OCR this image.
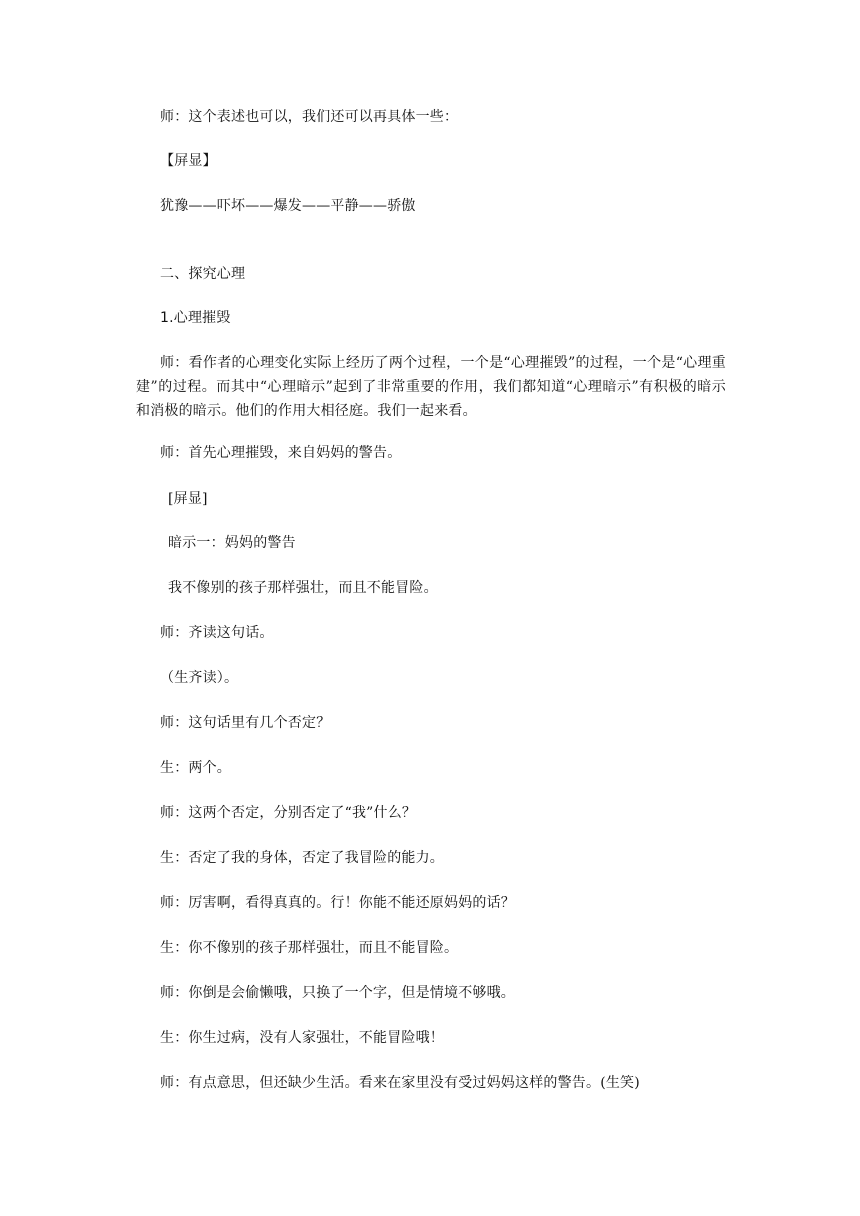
师：这个表述也可以，我们还可以再具体一些：
【屏显】
犹豫——吓坏——爆发——平静——骄傲
二、探究心理
1.心理摧毁
师：看作者的心理变化实际上经历了两个过程，一个是“心理摧毁”的过程，一个是“心理重建”的过程。而其中“心理暗示”起到了非常重要的作用，我们都知道“心理暗示”有积极的暗示和消极的暗示。他们的作用大相径庭。我们一起来看。
师：首先心理摧毁，来自妈妈的警告。
[屏显]
暗示一：妈妈的警告
我不像别的孩子那样强壮，而且不能冒险。
师：齐读这句话。
（生齐读）。
师：这句话里有几个否定？
生：两个。
师：这两个否定，分别否定了“我”什么？
生：否定了我的身体，否定了我冒险的能力。
师：厉害啊，看得真真的。行！你能不能还原妈妈的话？
生：你不像别的孩子那样强壮，而且不能冒险。
师：你倒是会偷懒哦，只换了一个字，但是情境不够哦。
生：你生过病，没有人家强壮，不能冒险哦！
师：有点意思，但还缺少生活。看来在家里没有受过妈妈这样的警告。(生笑)
